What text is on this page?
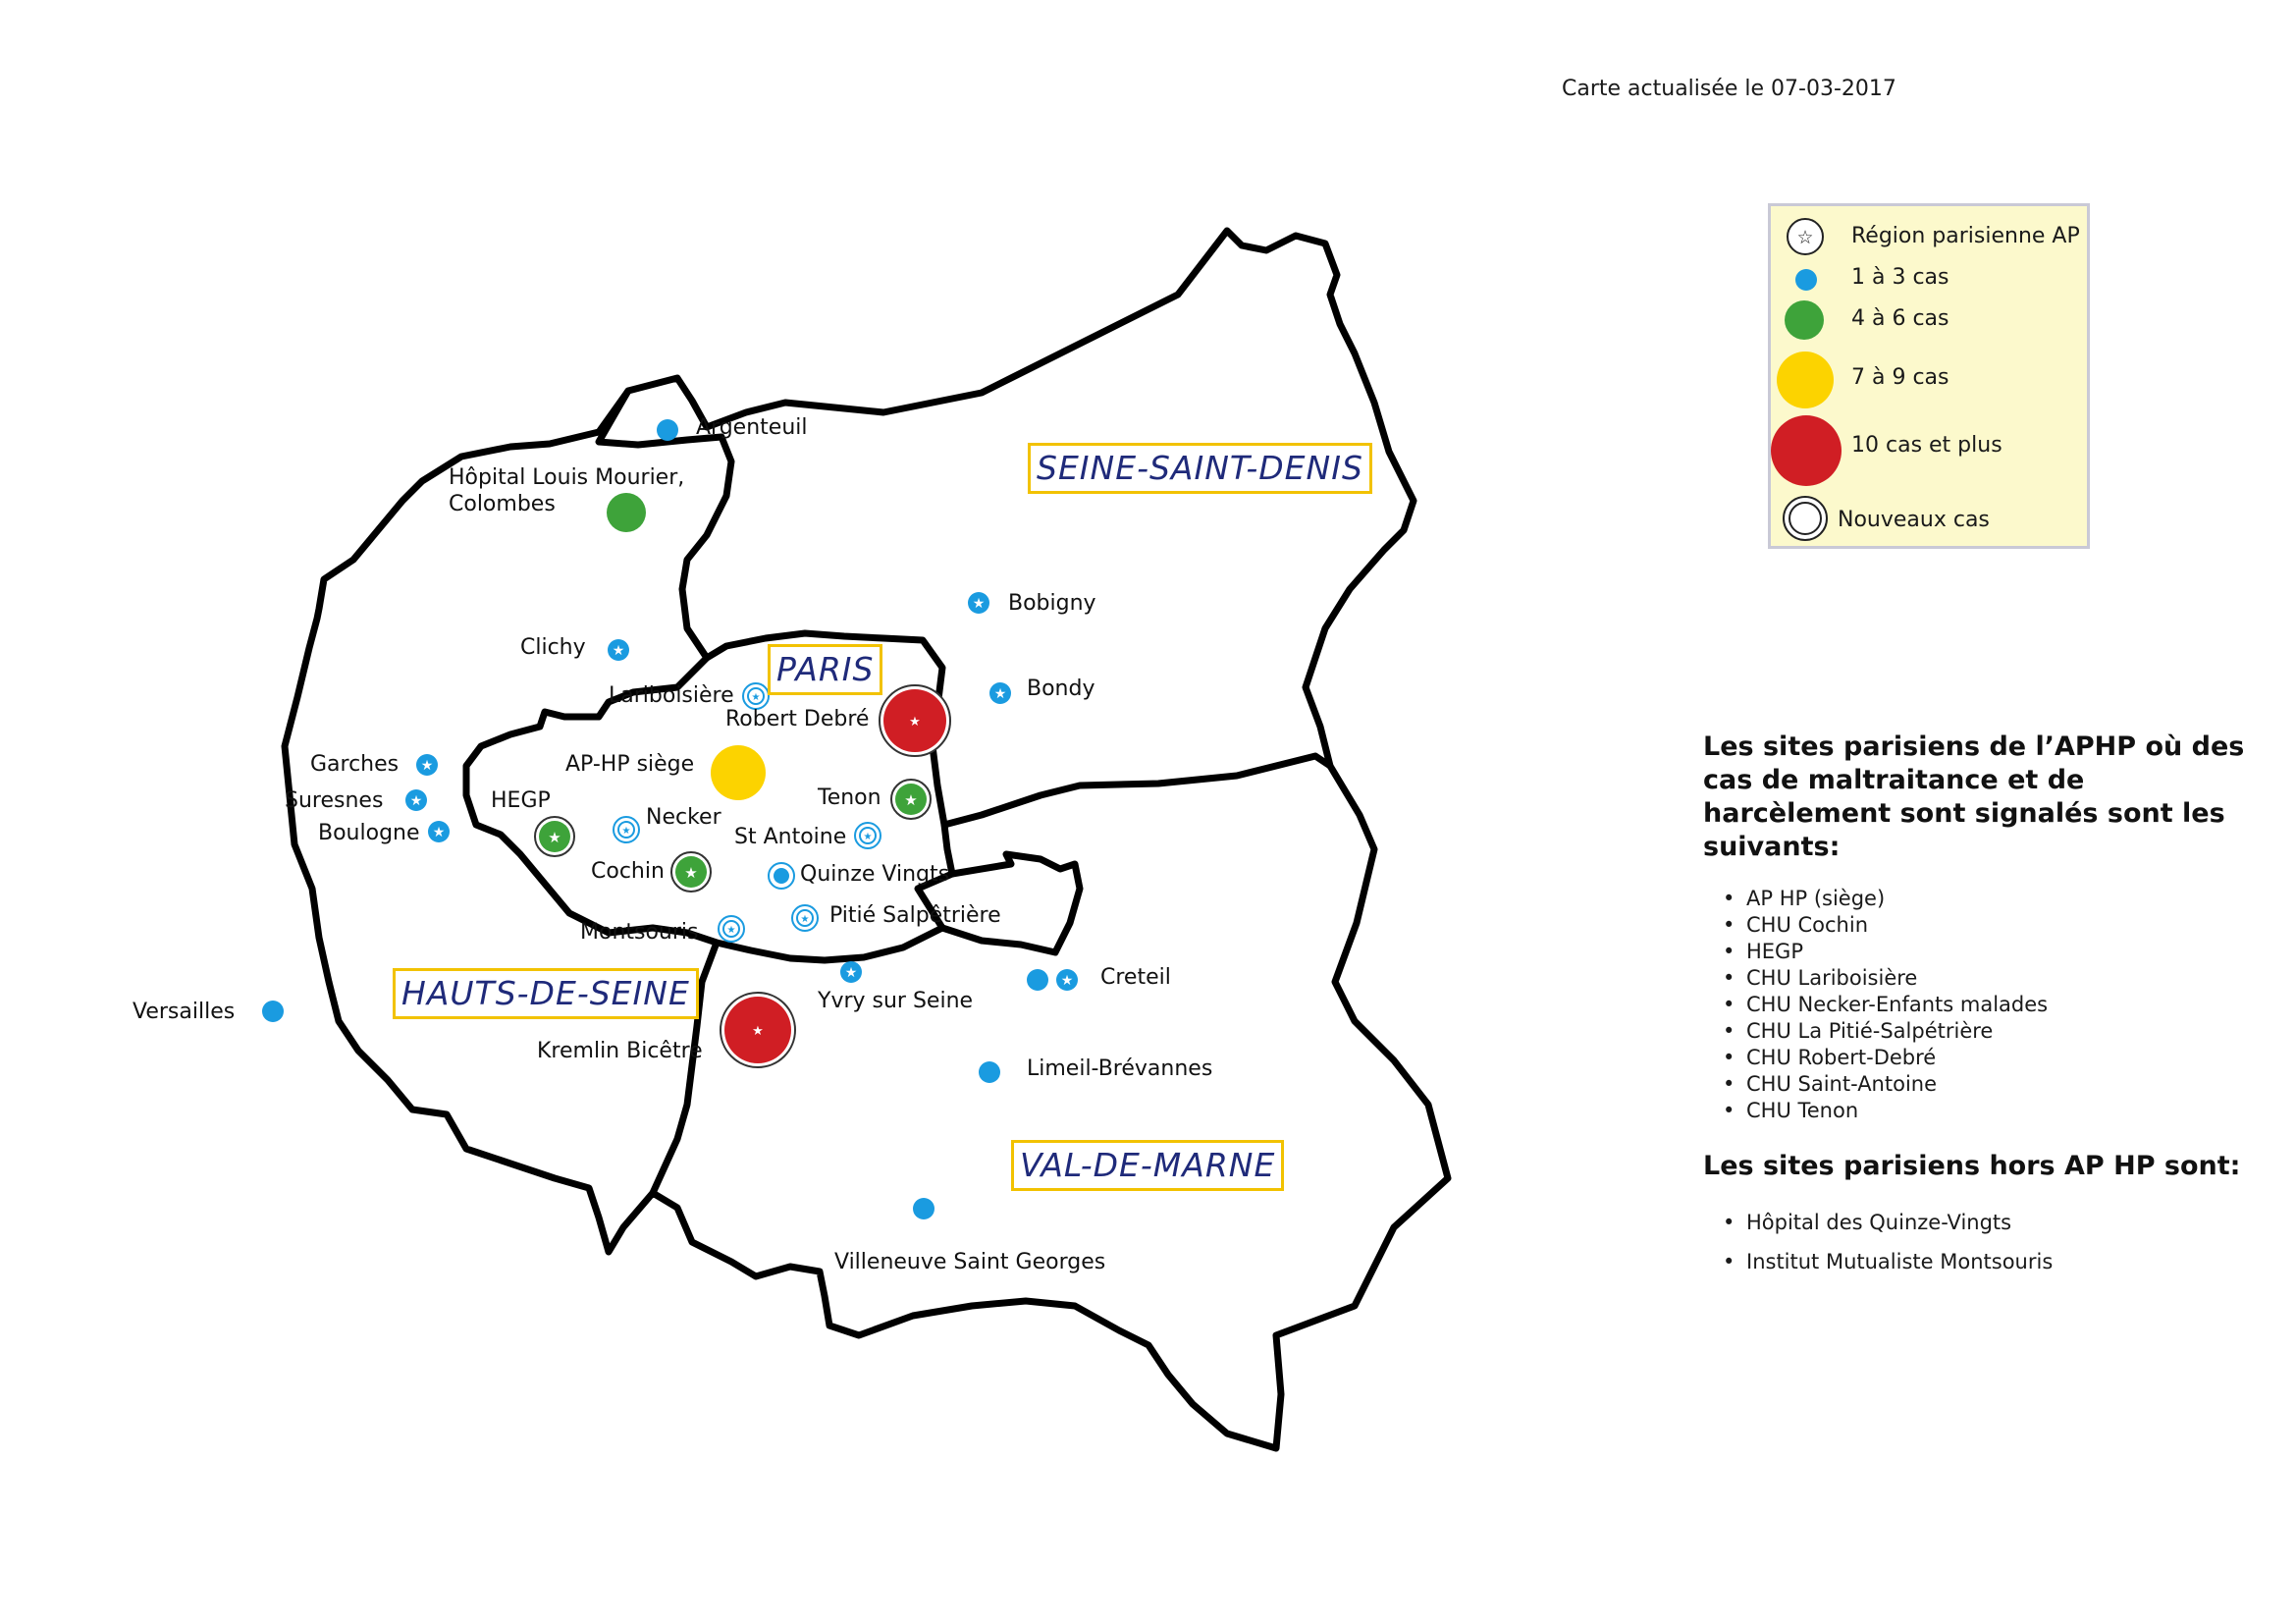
★
★
★
★
★
★
★
★	★	★
★
★
★
★
★
★	★
★
Carte actualisée le 07-03-2017
SEINE-SAINT-DENIS
PARIS
HAUTS-DE-SEINE
VAL-DE-MARNE
Argenteuil
Hôpital Louis Mourier,
Colombes
Clichy
Bobigny
Bondy
Lariboisière
Robert Debré
AP-HP siège
Garches
Suresnes
Boulogne
HEGP
Necker
Tenon
St Antoine
Cochin	Quinze Vingts
Pitié Salpêtrière
Montsouris
Creteil
Yvry sur Seine
Versailles
Kremlin Bicêtre
Limeil-Brévannes
Villeneuve Saint Georges
☆ Région parisienne AP
1 à 3 cas
4 à 6 cas
7 à 9 cas
10 cas et plus
Nouveaux cas
Les sites parisiens de l’APHP où des cas de maltraitance et de harcèlement sont signalés sont les suivants:
• AP HP (siège)
• CHU Cochin
• HEGP
• CHU Lariboisière
• CHU Necker-Enfants malades
• CHU La Pitié-Salpétrière
• CHU Robert-Debré
• CHU Saint-Antoine
• CHU Tenon
Les sites parisiens hors AP HP sont:
• Hôpital des Quinze-Vingts
• Institut Mutualiste Montsouris
